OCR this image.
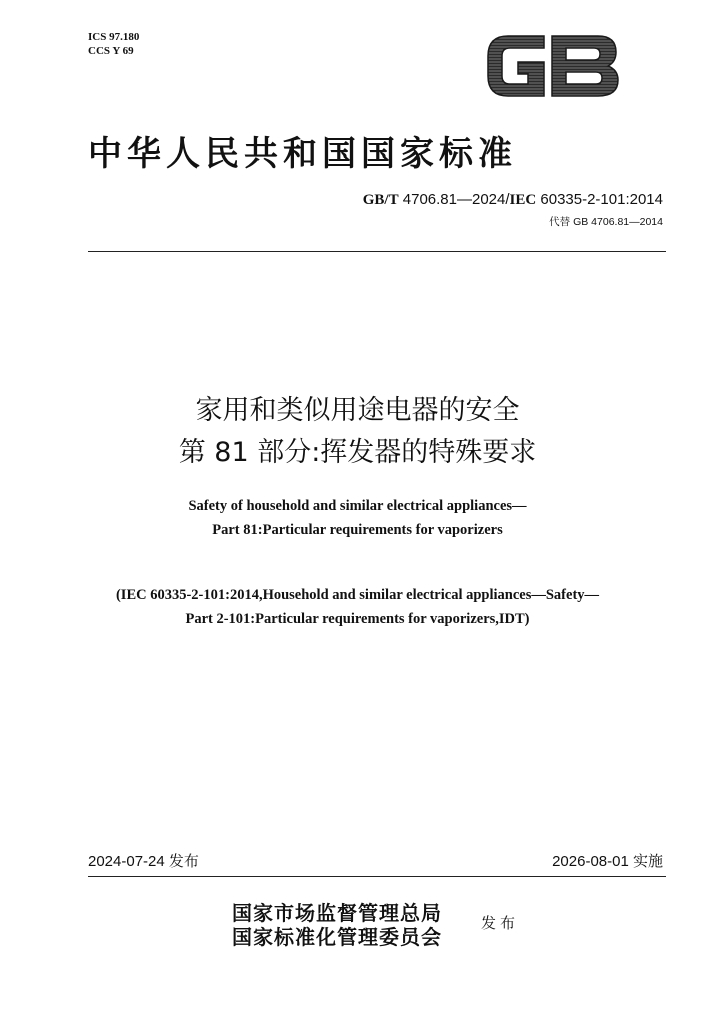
ICS 97.180
CCS Y 69
中华人民共和国国家标准
GB/T 4706.81—2024/IEC 60335-2-101:2014
代替 GB 4706.81—2014
家用和类似用途电器的安全
第 81 部分:挥发器的特殊要求
Safety of household and similar electrical appliances—
Part 81:Particular requirements for vaporizers
(IEC 60335-2-101:2014,Household and similar electrical appliances—Safety—
Part 2-101:Particular requirements for vaporizers,IDT)
2024-07-24 发布	2026-08-01 实施
国家市场监督管理总局
国家标准化管理委员会
发布
